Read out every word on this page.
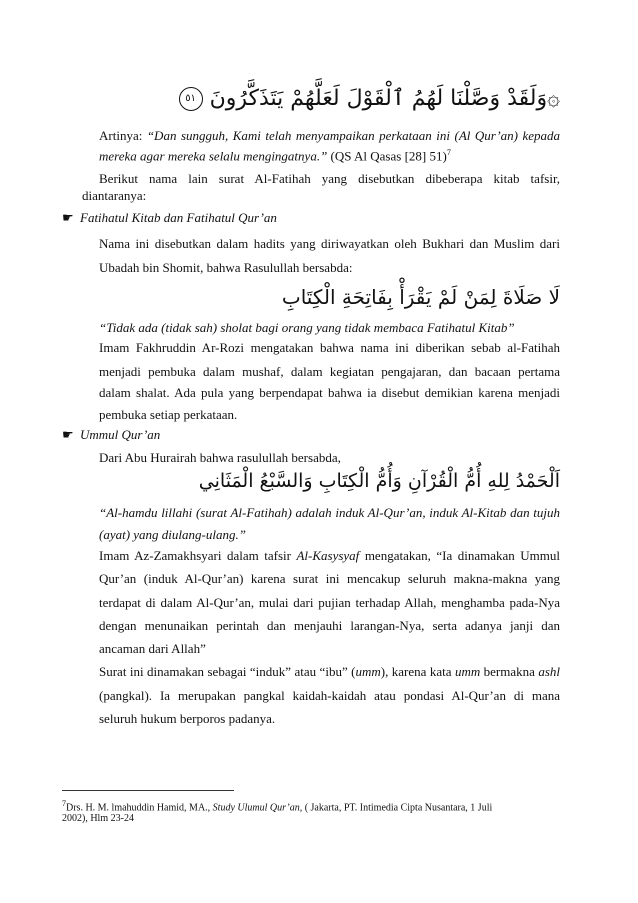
۞وَلَقَدْ وَصَّلْنَا لَهُمُ ٱلْقَوْلَ لَعَلَّهُمْ يَتَذَكَّرُونَ ٥١
Artinya: “Dan sungguh, Kami telah menyampaikan perkataan ini (Al Qur’an) kepada
mereka agar mereka selalu mengingatnya.” (QS Al Qasas [28] 51)$^7$
Berikut nama lain surat Al-Fatihah yang disebutkan dibeberapa kitab tafsir,
diantaranya:
☛ Fatihatul Kitab dan Fatihatul Qur’an
Nama ini disebutkan dalam hadits yang diriwayatkan oleh Bukhari dan Muslim dari
Ubadah bin Shomit, bahwa Rasulullah bersabda:
لَا صَلَاةَ لِمَنْ لَمْ يَقْرَأْ بِفَاتِحَةِ الْكِتَابِ
“Tidak ada (tidak sah) sholat bagi orang yang tidak membaca Fatihatul Kitab”
Imam Fakhruddin Ar-Rozi mengatakan bahwa nama ini diberikan sebab al-Fatihah
menjadi pembuka dalam mushaf, dalam kegiatan pengajaran, dan bacaan pertama
dalam shalat. Ada pula yang berpendapat bahwa ia disebut demikian karena menjadi
pembuka setiap perkataan.
☛ Ummul Qur’an
Dari Abu Hurairah bahwa rasulullah bersabda,
اَلْحَمْدُ لِلهِ أُمُّ الْقُرْآنِ وَأُمُّ الْكِتَابِ وَالسَّبْعُ الْمَثَانِي
“Al-hamdu lillahi (surat Al-Fatihah) adalah induk Al-Qur’an, induk Al-Kitab dan tujuh
(ayat) yang diulang-ulang.”
Imam Az-Zamakhsyari dalam tafsir Al-Kasysyaf mengatakan, “Ia dinamakan Ummul
Qur’an (induk Al-Qur’an) karena surat ini mencakup seluruh makna-makna yang
terdapat di dalam Al-Qur’an, mulai dari pujian terhadap Allah, menghamba pada-Nya
dengan menunaikan perintah dan menjauhi larangan-Nya, serta adanya janji dan
ancaman dari Allah”
Surat ini dinamakan sebagai “induk” atau “ibu” (umm), karena kata umm bermakna ashl
(pangkal). Ia merupakan pangkal kaidah-kaidah atau pondasi Al-Qur’an di mana
seluruh hukum berporos padanya.
$^7$Drs. H. M. lmahuddin Hamid, MA., Study Ulumul Qur’an, ( Jakarta, PT. Intimedia Cipta Nusantara, 1 Juli
2002), Hlm 23-24
